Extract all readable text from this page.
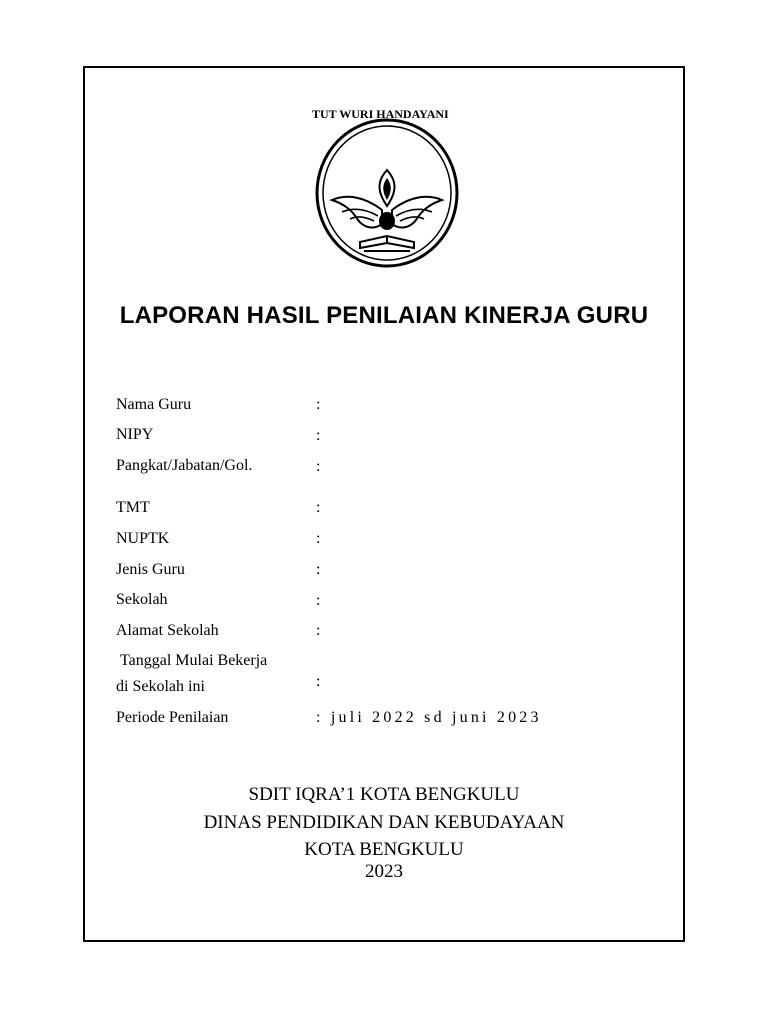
TUT WURI HANDAYANI
LAPORAN HASIL PENILAIAN KINERJA GURU
Nama Guru	:
NIPY	:
Pangkat/Jabatan/Gol.	:
TMT	:
NUPTK	:
Jenis Guru	:
Sekolah	:
Alamat Sekolah	:
Tanggal Mulai Bekerja
di Sekolah ini	:
Periode Penilaian	: juli 2022 sd juni 2023
SDIT IQRA’1 KOTA BENGKULU
DINAS PENDIDIKAN DAN KEBUDAYAAN
KOTA BENGKULU
2023
